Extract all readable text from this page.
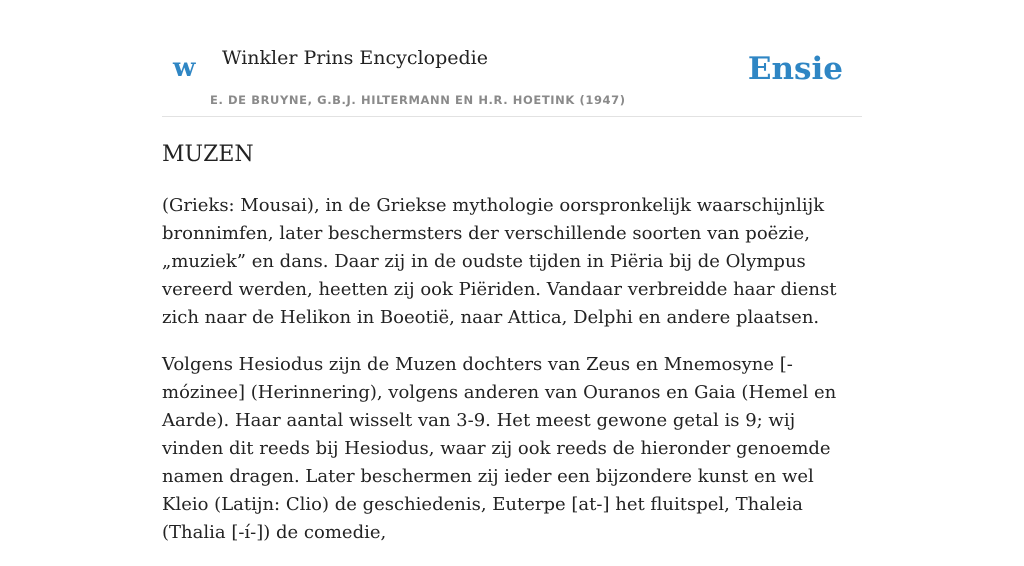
w Winkler Prins Encyclopedie
E. DE BRUYNE, G.B.J. HILTERMANN EN H.R. HOETINK (1947)
Ensie
MUZEN

(Grieks: Mousai), in de Griekse mythologie oorspronkelijk waarschijnlijk bronnimfen, later beschermsters der verschillende soorten van poëzie, „muziek” en dans. Daar zij in de oudste tijden in Piëria bij de Olympus vereerd werden, heetten zij ook Piëriden. Vandaar verbreidde haar dienst zich naar de Helikon in Boeotië, naar Attica, Delphi en andere plaatsen.

Volgens Hesiodus zijn de Muzen dochters van Zeus en Mnemosyne [-mózinee] (Herinnering), volgens anderen van Ouranos en Gaia (Hemel en Aarde). Haar aantal wisselt van 3-9. Het meest gewone getal is 9; wij vinden dit reeds bij Hesiodus, waar zij ook reeds de hieronder genoemde namen dragen. Later beschermen zij ieder een bijzondere kunst en wel Kleio (Latijn: Clio) de geschiedenis, Euterpe [at-] het fluitspel, Thaleia (Thalia [-í-]) de comedie,
